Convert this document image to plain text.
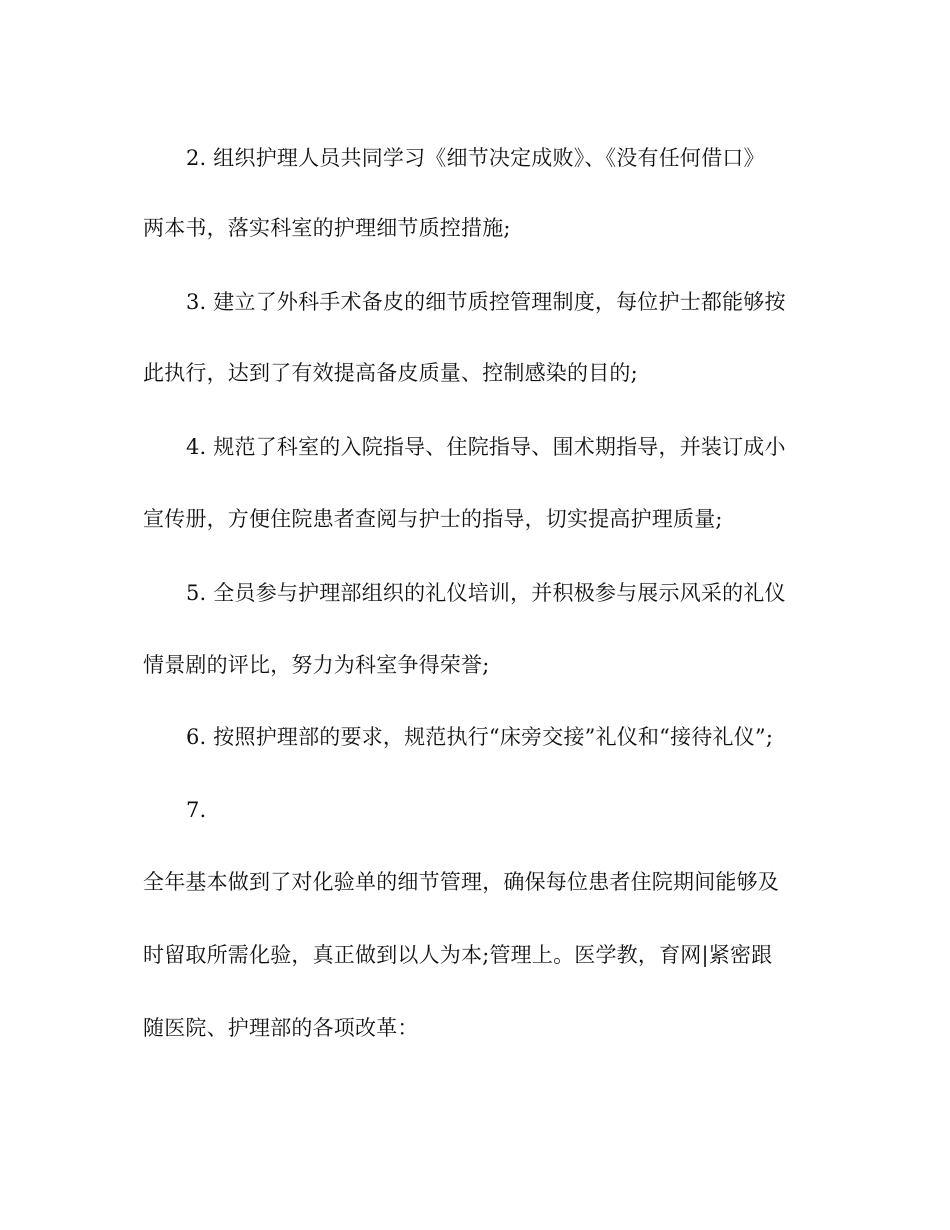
2. 组织护理人员共同学习《细节决定成败》、《没有任何借口》
两本书，落实科室的护理细节质控措施;
3. 建立了外科手术备皮的细节质控管理制度，每位护士都能够按
此执行，达到了有效提高备皮质量、控制感染的目的;
4. 规范了科室的入院指导、住院指导、围术期指导，并装订成小
宣传册，方便住院患者查阅与护士的指导，切实提高护理质量;
5. 全员参与护理部组织的礼仪培训，并积极参与展示风采的礼仪
情景剧的评比，努力为科室争得荣誉;
6. 按照护理部的要求，规范执行“床旁交接”礼仪和“接待礼仪”;
7.
全年基本做到了对化验单的细节管理，确保每位患者住院期间能够及
时留取所需化验，真正做到以人为本;管理上。医学教，育网|紧密跟
随医院、护理部的各项改革：
